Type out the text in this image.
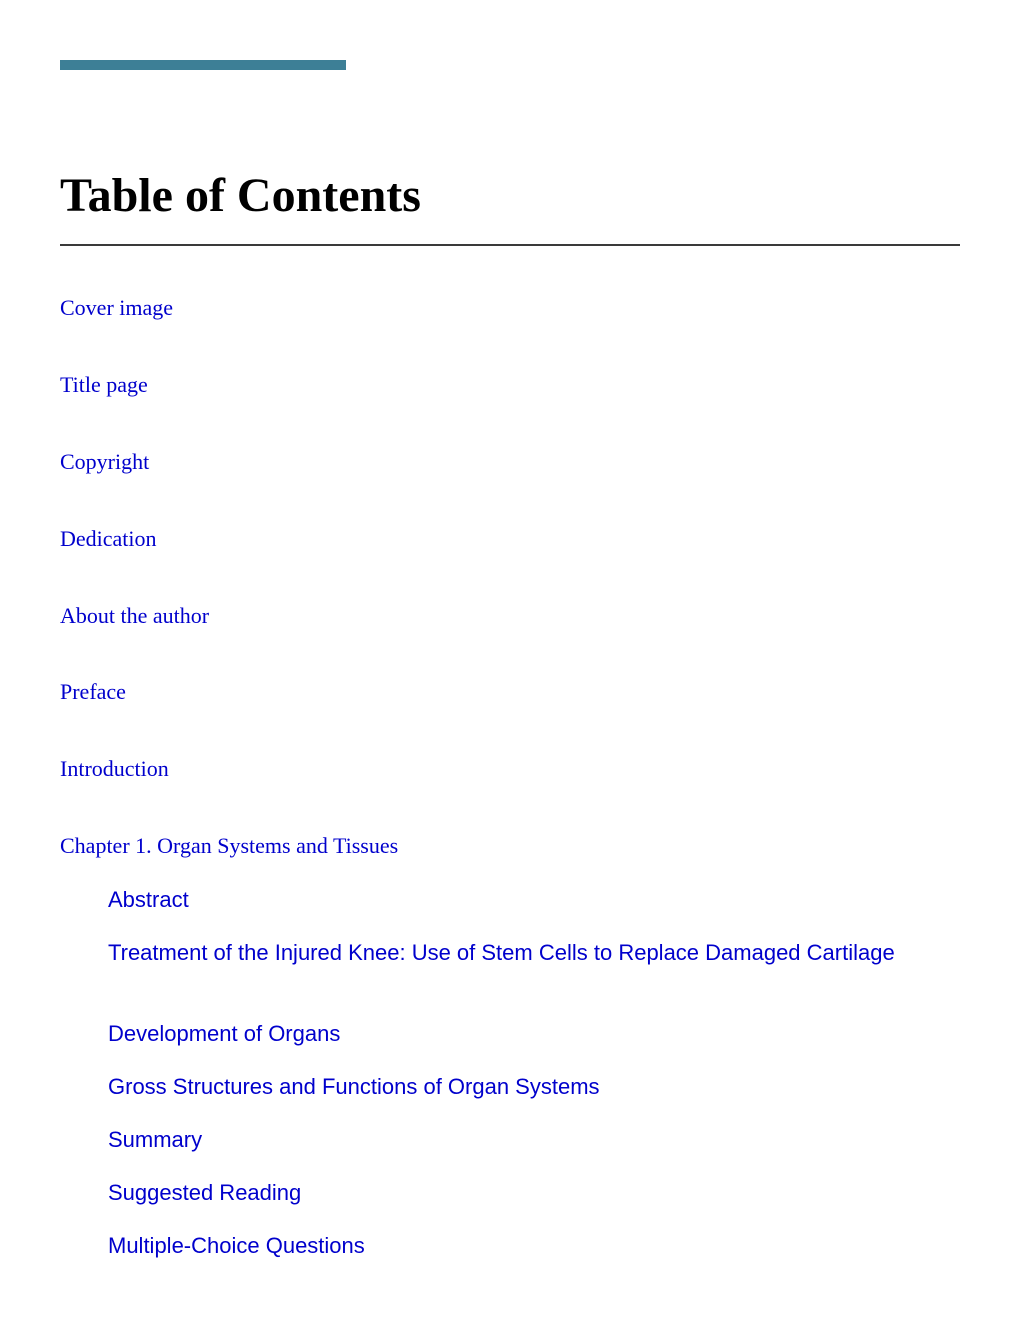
Table of Contents
Cover image
Title page
Copyright
Dedication
About the author
Preface
Introduction
Chapter 1. Organ Systems and Tissues
Abstract
Treatment of the Injured Knee: Use of Stem Cells to Replace Damaged Cartilage
Development of Organs
Gross Structures and Functions of Organ Systems
Summary
Suggested Reading
Multiple-Choice Questions
